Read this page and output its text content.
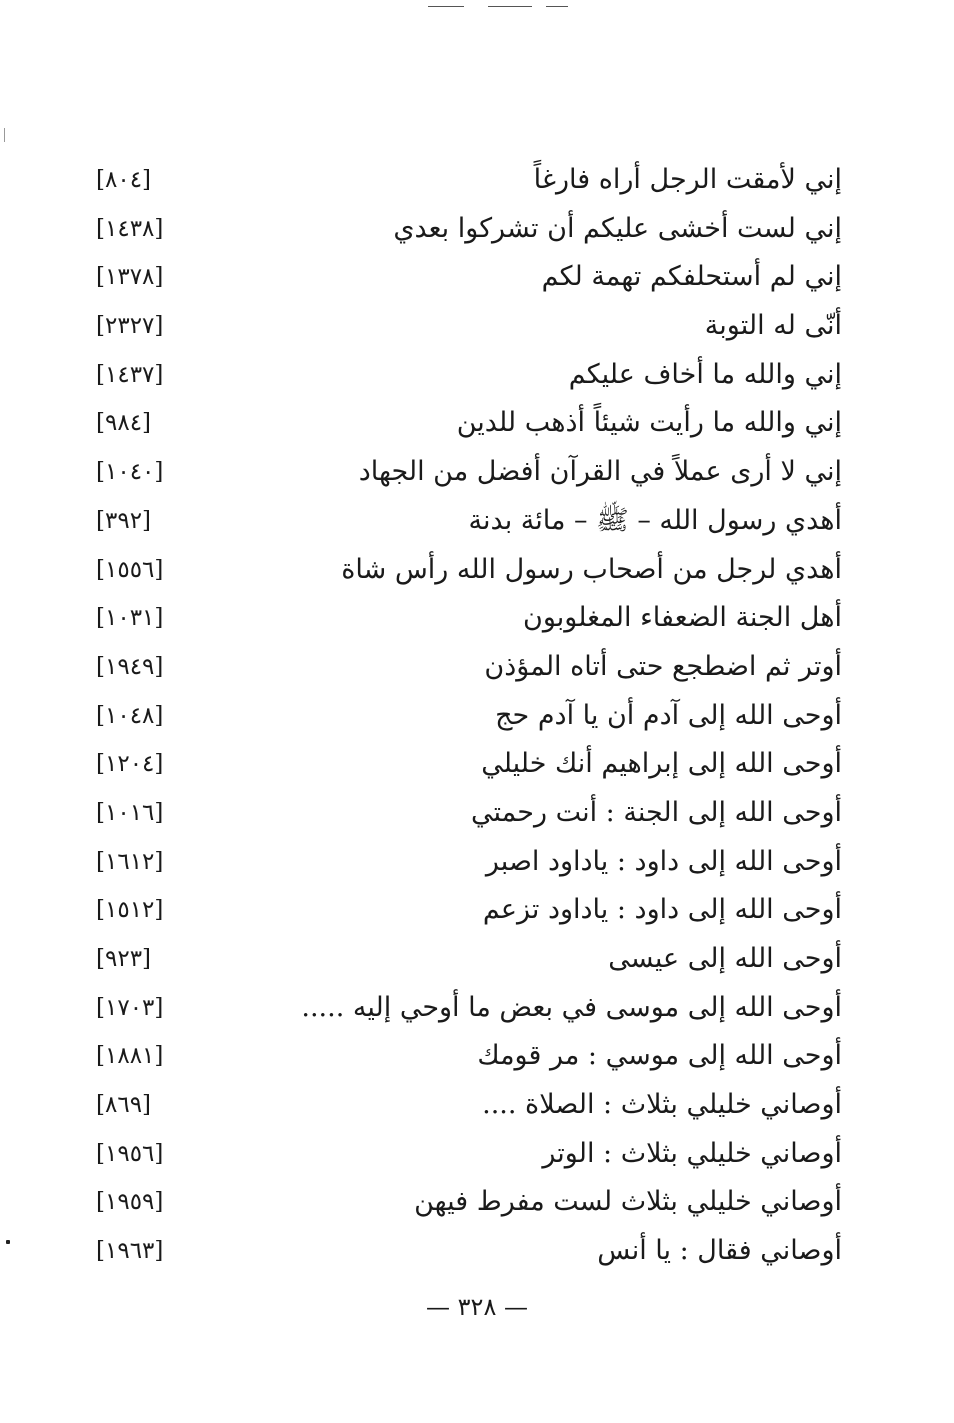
إني لأمقت الرجل أراه فارغاً
[٨٠٤]
إني لست أخشى عليكم أن تشركوا بعدي
[١٤٣٨]
إني لم أستحلفكم تهمة لكم
[١٣٧٨]
أنّى له التوبة
[٢٣٢٧]
إني والله ما أخاف عليكم
[١٤٣٧]
إني والله ما رأيت شيئاً أذهب للدين
[٩٨٤]
إني لا أرى عملاً في القرآن أفضل من الجهاد
[١٠٤٠]
أهدي رسول الله – ﷺ – مائة بدنة
[٣٩٢]
أهدي لرجل من أصحاب رسول الله رأس شاة
[١٥٥٦]
أهل الجنة الضعفاء المغلوبون
[١٠٣١]
أوتر ثم اضطجع حتى أتاه المؤذن
[١٩٤٩]
أوحى الله إلى آدم أن يا آدم حج
[١٠٤٨]
أوحى الله إلى إبراهيم أنك خليلي
[١٢٠٤]
أوحى الله إلى الجنة : أنت رحمتي
[١٠١٦]
أوحى الله إلى داود : ياداود اصبر
[١٦١٢]
أوحى الله إلى داود : ياداود تزعم
[١٥١٢]
أوحى الله إلى عيسى
[٩٢٣]
أوحى الله إلى موسى في بعض ما أوحي إليه .....
[١٧٠٣]
أوحى الله إلى موسي : مر قومك
[١٨٨١]
أوصاني خليلي بثلاث : الصلاة ....
[٨٦٩]
أوصاني خليلي بثلاث : الوتر
[١٩٥٦]
أوصاني خليلي بثلاث لست مفرط فيهن
[١٩٥٩]
أوصاني فقال : يا أنس
[١٩٦٣]
— ٣٢٨ —
